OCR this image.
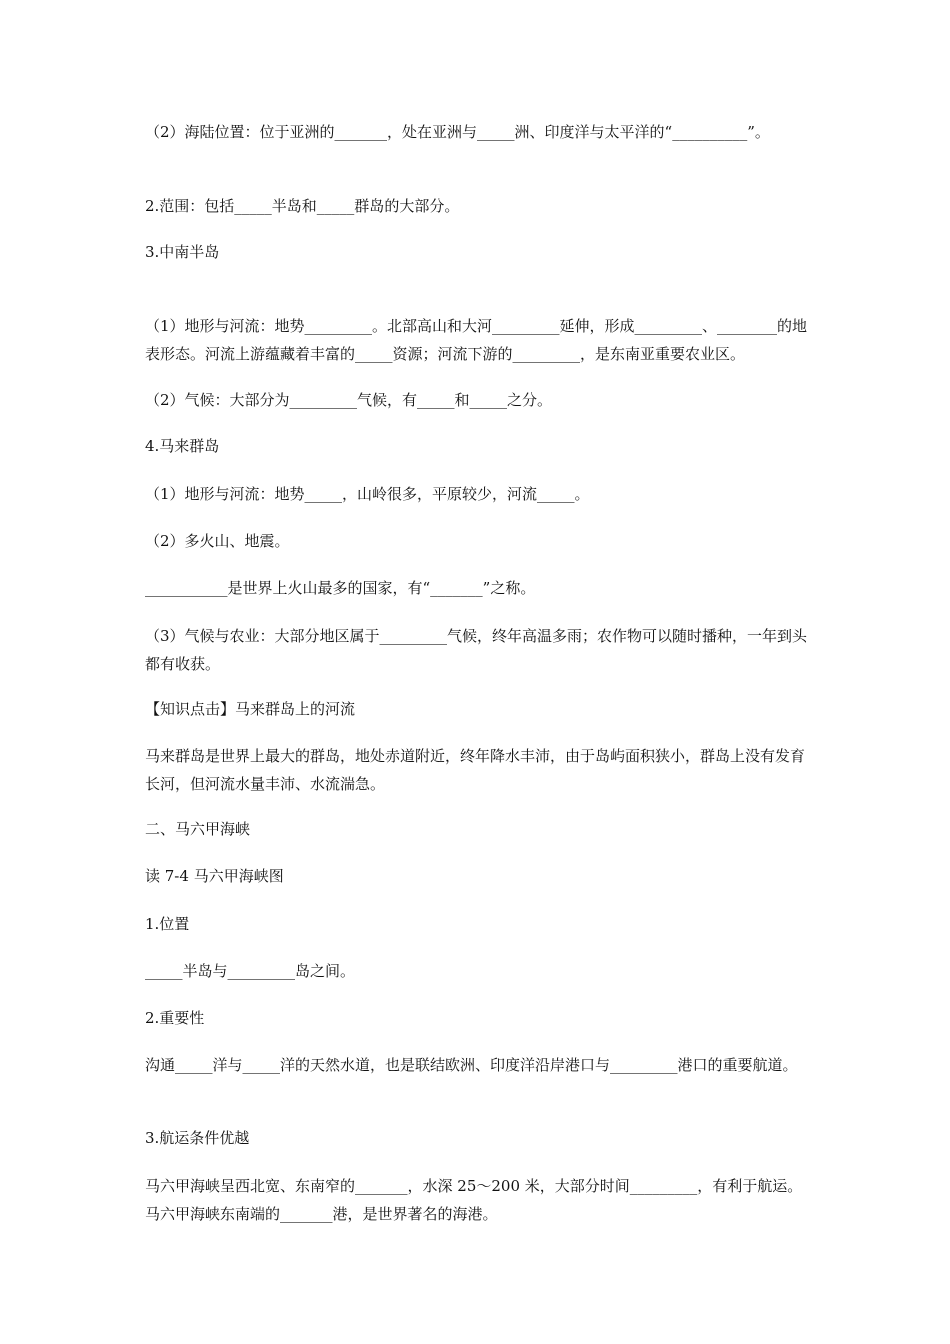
（2）海陆位置：位于亚洲的_______，处在亚洲与_____洲、印度洋与太平洋的“__________”。

2.范围：包括_____半岛和_____群岛的大部分。

3.中南半岛

（1）地形与河流：地势_________。北部高山和大河_________延伸，形成_________、________的地表形态。河流上游蕴藏着丰富的_____资源；河流下游的_________，是东南亚重要农业区。

（2）气候：大部分为_________气候，有_____和_____之分。

4.马来群岛

（1）地形与河流：地势_____，山岭很多，平原较少，河流_____。

（2）多火山、地震。

___________是世界上火山最多的国家，有“_______”之称。

（3）气候与农业：大部分地区属于_________气候，终年高温多雨；农作物可以随时播种，一年到头都有收获。

【知识点击】马来群岛上的河流

马来群岛是世界上最大的群岛，地处赤道附近，终年降水丰沛，由于岛屿面积狭小，群岛上没有发育长河，但河流水量丰沛、水流湍急。

二、马六甲海峡

读 7-4 马六甲海峡图

1.位置

_____半岛与_________岛之间。

2.重要性

沟通_____洋与_____洋的天然水道，也是联结欧洲、印度洋沿岸港口与_________港口的重要航道。

3.航运条件优越

马六甲海峡呈西北宽、东南窄的_______，水深 25～200 米，大部分时间_________，有利于航运。马六甲海峡东南端的_______港，是世界著名的海港。
